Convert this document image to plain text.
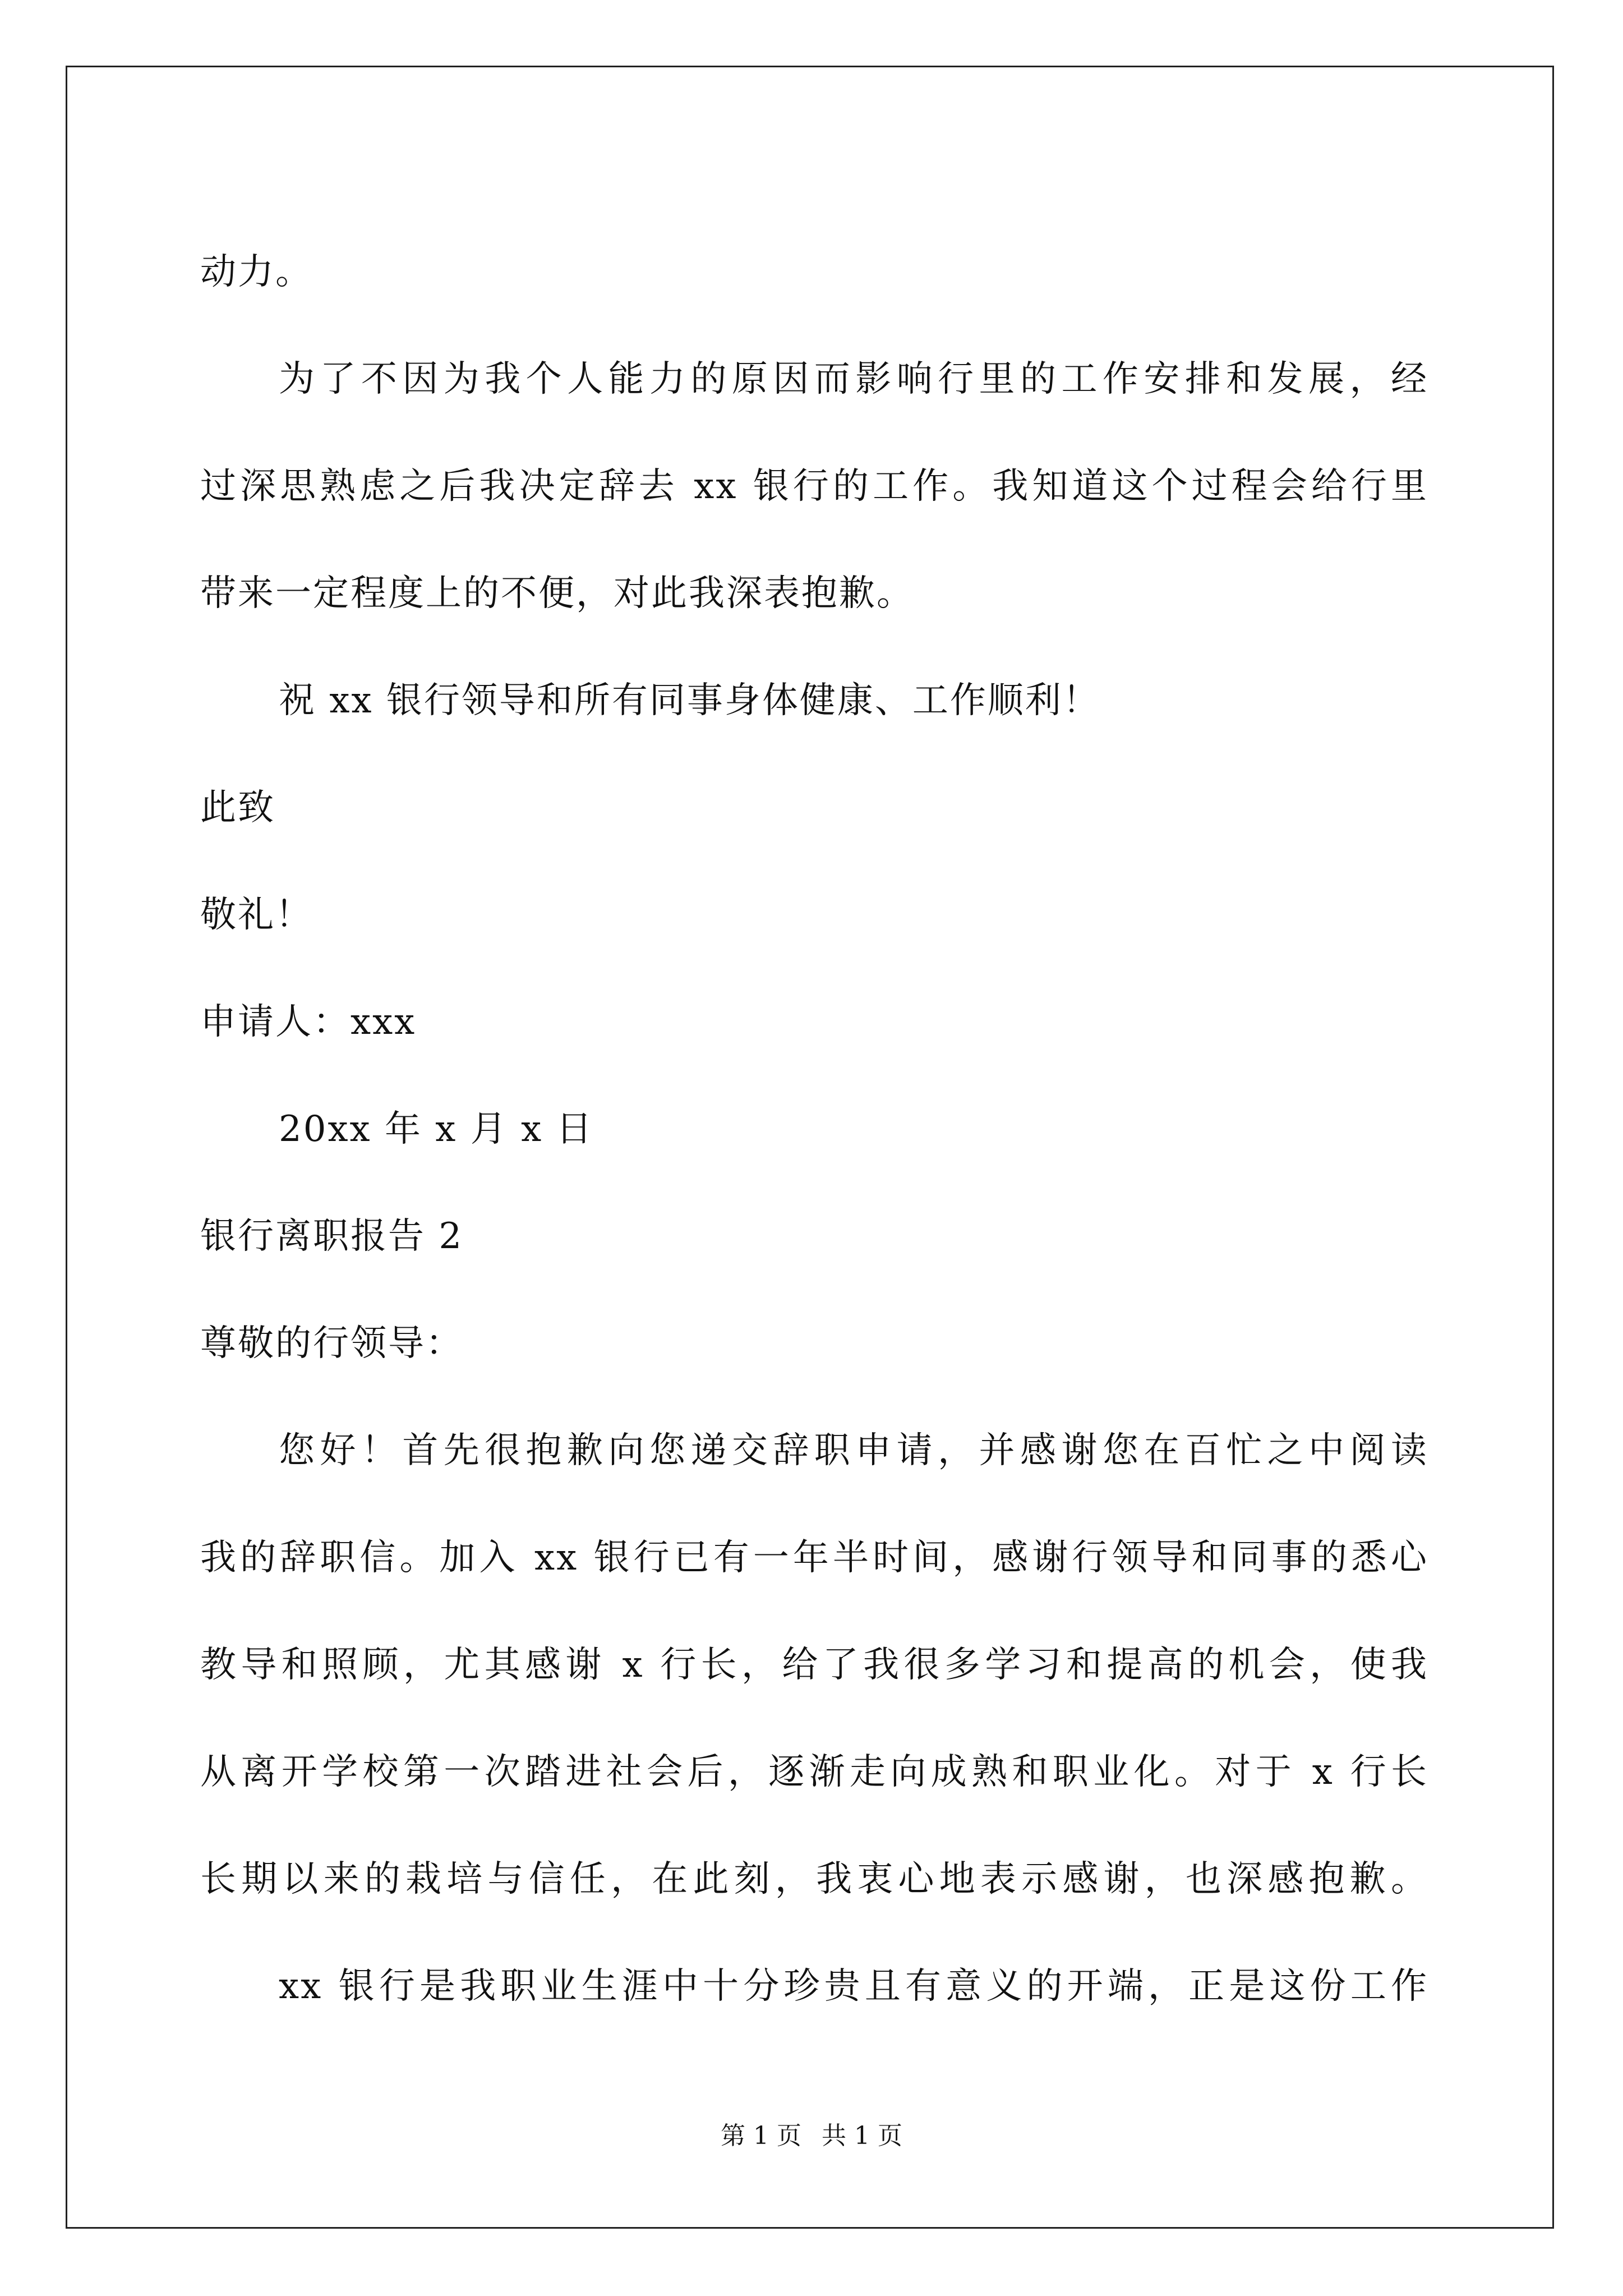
动力。

为了不因为我个人能力的原因而影响行里的工作安排和发展，经

过深思熟虑之后我决定辞去 xx 银行的工作。我知道这个过程会给行里

带来一定程度上的不便，对此我深表抱歉。

祝 xx 银行领导和所有同事身体健康、工作顺利！

此致

敬礼！

申请人：xxx

20xx 年 x 月 x 日

银行离职报告 2

尊敬的行领导：

您好！首先很抱歉向您递交辞职申请，并感谢您在百忙之中阅读

我的辞职信。加入 xx 银行已有一年半时间，感谢行领导和同事的悉心

教导和照顾，尤其感谢 x 行长，给了我很多学习和提高的机会，使我

从离开学校第一次踏进社会后，逐渐走向成熟和职业化。对于 x 行长

长期以来的栽培与信任，在此刻，我衷心地表示感谢，也深感抱歉。

xx 银行是我职业生涯中十分珍贵且有意义的开端，正是这份工作

第 1 页 共 1 页
